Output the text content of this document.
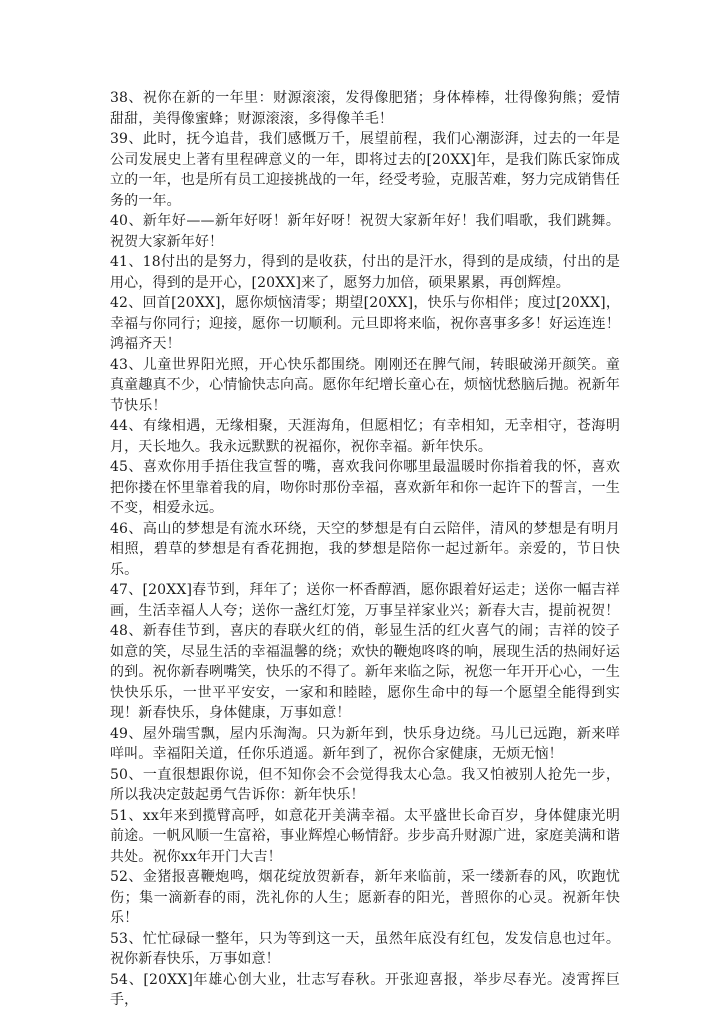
38、祝你在新的一年里：财源滚滚，发得像肥猪；身体棒棒，壮得像狗熊；爱情甜甜，美得像蜜蜂；财源滚滚，多得像羊毛！

39、此时，抚今追昔，我们感慨万千，展望前程，我们心潮澎湃，过去的一年是公司发展史上著有里程碑意义的一年，即将过去的[20XX]年，是我们陈氏家饰成立的一年，也是所有员工迎接挑战的一年，经受考验，克服苦难，努力完成销售任务的一年。

40、新年好——新年好呀！新年好呀！祝贺大家新年好！我们唱歌，我们跳舞。祝贺大家新年好！

41、18付出的是努力，得到的是收获，付出的是汗水，得到的是成绩，付出的是用心，得到的是开心，[20XX]来了，愿努力加倍，硕果累累，再创辉煌。

42、回首[20XX]，愿你烦恼清零；期望[20XX]，快乐与你相伴；度过[20XX]，幸福与你同行；迎接，愿你一切顺利。元旦即将来临，祝你喜事多多！好运连连！鸿福齐天！

43、儿童世界阳光照，开心快乐都围绕。刚刚还在脾气闹，转眼破涕开颜笑。童真童趣真不少，心情愉快志向高。愿你年纪增长童心在，烦恼忧愁脑后抛。祝新年节快乐！

44、有缘相遇，无缘相聚，天涯海角，但愿相忆；有幸相知，无幸相守，苍海明月，天长地久。我永远默默的祝福你，祝你幸福。新年快乐。

45、喜欢你用手捂住我宣誓的嘴，喜欢我问你哪里最温暖时你指着我的怀，喜欢把你搂在怀里靠着我的肩，吻你时那份幸福，喜欢新年和你一起许下的誓言，一生不变，相爱永远。

46、高山的梦想是有流水环绕，天空的梦想是有白云陪伴，清风的梦想是有明月相照，碧草的梦想是有香花拥抱，我的梦想是陪你一起过新年。亲爱的，节日快乐。

47、[20XX]春节到，拜年了；送你一杯香醇酒，愿你跟着好运走；送你一幅吉祥画，生活幸福人人夸；送你一盏红灯笼，万事呈祥家业兴；新春大吉，提前祝贺！

48、新春佳节到，喜庆的春联火红的俏，彰显生活的红火喜气的闹；吉祥的饺子如意的笑，尽显生活的幸福温馨的绕；欢快的鞭炮咚咚的响，展现生活的热闹好运的到。祝你新春咧嘴笑，快乐的不得了。新年来临之际，祝您一年开开心心，一生快快乐乐，一世平平安安，一家和和睦睦，愿你生命中的每一个愿望全能得到实现！新春快乐，身体健康，万事如意！

49、屋外瑞雪飘，屋内乐淘淘。只为新年到，快乐身边绕。马儿已远跑，新来咩咩叫。幸福阳关道，任你乐逍遥。新年到了，祝你合家健康，无烦无恼！

50、一直很想跟你说，但不知你会不会觉得我太心急。我又怕被别人抢先一步，所以我决定鼓起勇气告诉你：新年快乐！

51、xx年来到揽臂高呼，如意花开美满幸福。太平盛世长命百岁，身体健康光明前途。一帆风顺一生富裕，事业辉煌心畅情舒。步步高升财源广进，家庭美满和谐共处。祝你xx年开门大吉！

52、金猪报喜鞭炮鸣，烟花绽放贺新春，新年来临前，采一缕新春的风，吹跑忧伤；集一滴新春的雨，洗礼你的人生；愿新春的阳光，普照你的心灵。祝新年快乐！

53、忙忙碌碌一整年，只为等到这一天，虽然年底没有红包，发发信息也过年。祝你新春快乐，万事如意！

54、[20XX]年雄心创大业，壮志写春秋。开张迎喜报，举步尽春光。凌霄挥巨手，
